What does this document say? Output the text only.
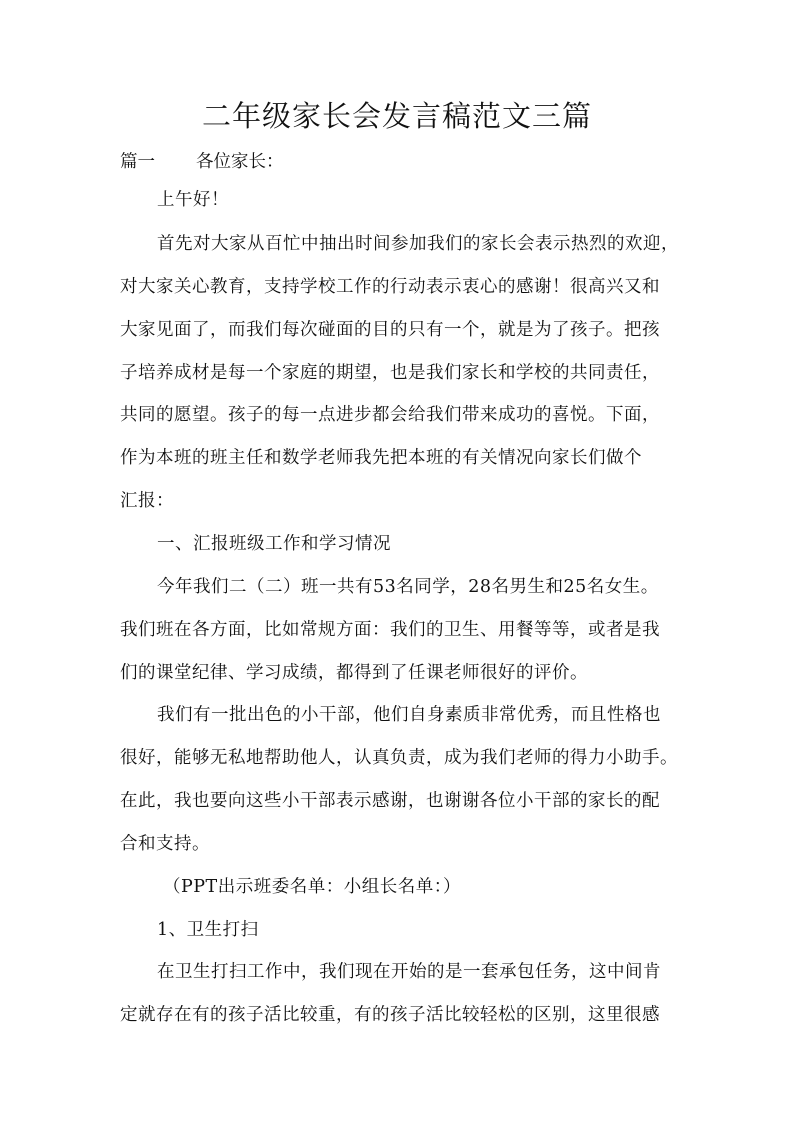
二年级家长会发言稿范文三篇
篇一 各位家长：
上午好！
首先对大家从百忙中抽出时间参加我们的家长会表示热烈的欢迎，
对大家关心教育，支持学校工作的行动表示衷心的感谢！很高兴又和
大家见面了，而我们每次碰面的目的只有一个，就是为了孩子。把孩
子培养成材是每一个家庭的期望，也是我们家长和学校的共同责任，
共同的愿望。孩子的每一点进步都会给我们带来成功的喜悦。下面，
作为本班的班主任和数学老师我先把本班的有关情况向家长们做个
汇报：
一、汇报班级工作和学习情况
今年我们二（二）班一共有53名同学，28名男生和25名女生。
我们班在各方面，比如常规方面：我们的卫生、用餐等等，或者是我
们的课堂纪律、学习成绩，都得到了任课老师很好的评价。
我们有一批出色的小干部，他们自身素质非常优秀，而且性格也
很好，能够无私地帮助他人，认真负责，成为我们老师的得力小助手。
在此，我也要向这些小干部表示感谢，也谢谢各位小干部的家长的配
合和支持。
（PPT出示班委名单：小组长名单：）
1、卫生打扫
在卫生打扫工作中，我们现在开始的是一套承包任务，这中间肯
定就存在有的孩子活比较重，有的孩子活比较轻松的区别，这里很感
